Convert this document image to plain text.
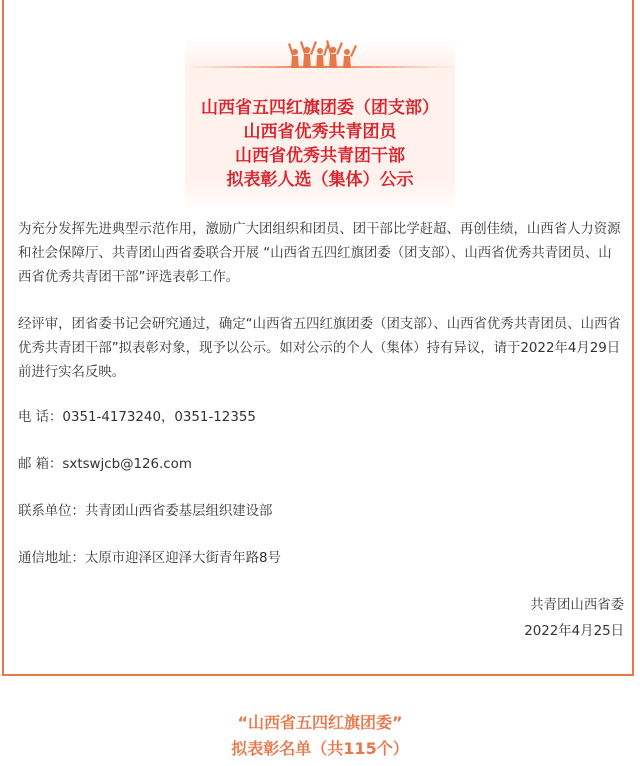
山西省五四红旗团委（团支部）
山西省优秀共青团员
山西省优秀共青团干部
拟表彰人选（集体）公示

为充分发挥先进典型示范作用，激励广大团组织和团员、团干部比学赶超、再创佳绩，山西省人力资源和社会保障厅、共青团山西省委联合开展 “山西省五四红旗团委（团支部）、山西省优秀共青团员、山西省优秀共青团干部”评选表彰工作。

经评审，团省委书记会研究通过，确定“山西省五四红旗团委（团支部）、山西省优秀共青团员、山西省优秀共青团干部”拟表彰对象，现予以公示。如对公示的个人（集体）持有异议，请于2022年4月29日前进行实名反映。

电 话：0351-4173240，0351-12355
邮 箱：sxtswjcb@126.com
联系单位：共青团山西省委基层组织建设部
通信地址：太原市迎泽区迎泽大街青年路8号
共青团山西省委
2022年4月25日
“山西省五四红旗团委”
拟表彰名单（共115个）
